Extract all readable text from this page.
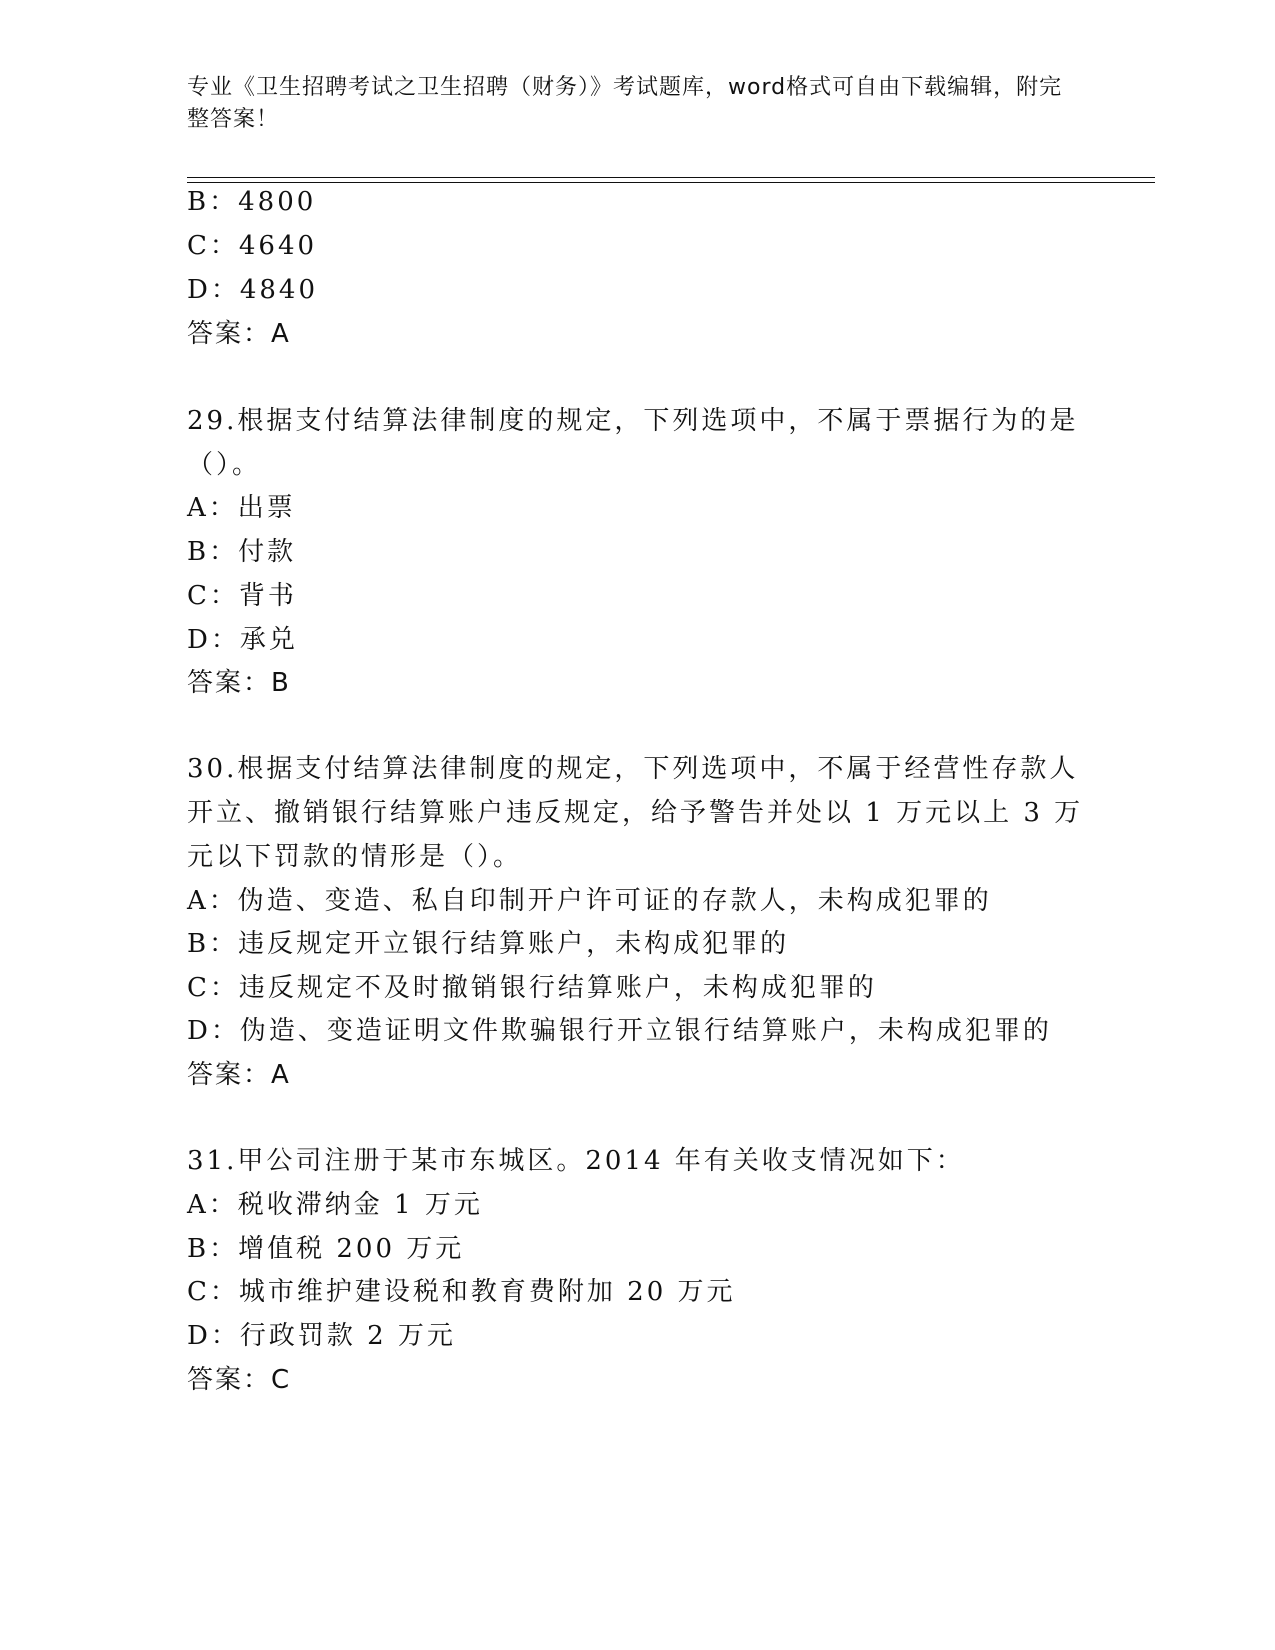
专业《卫生招聘考试之卫生招聘（财务）》考试题库，word格式可自由下载编辑，附完整答案！
B：4800
C：4640
D：4840
答案：A
29.根据支付结算法律制度的规定，下列选项中，不属于票据行为的是
（）。
A：出票
B：付款
C：背书
D：承兑
答案：B
30.根据支付结算法律制度的规定，下列选项中，不属于经营性存款人
开立、撤销银行结算账户违反规定，给予警告并处以 1 万元以上 3 万
元以下罚款的情形是（）。
A：伪造、变造、私自印制开户许可证的存款人，未构成犯罪的
B：违反规定开立银行结算账户，未构成犯罪的
C：违反规定不及时撤销银行结算账户，未构成犯罪的
D：伪造、变造证明文件欺骗银行开立银行结算账户，未构成犯罪的
答案：A
31.甲公司注册于某市东城区。2014 年有关收支情况如下：
A：税收滞纳金 1 万元
B：增值税 200 万元
C：城市维护建设税和教育费附加 20 万元
D：行政罚款 2 万元
答案：C
